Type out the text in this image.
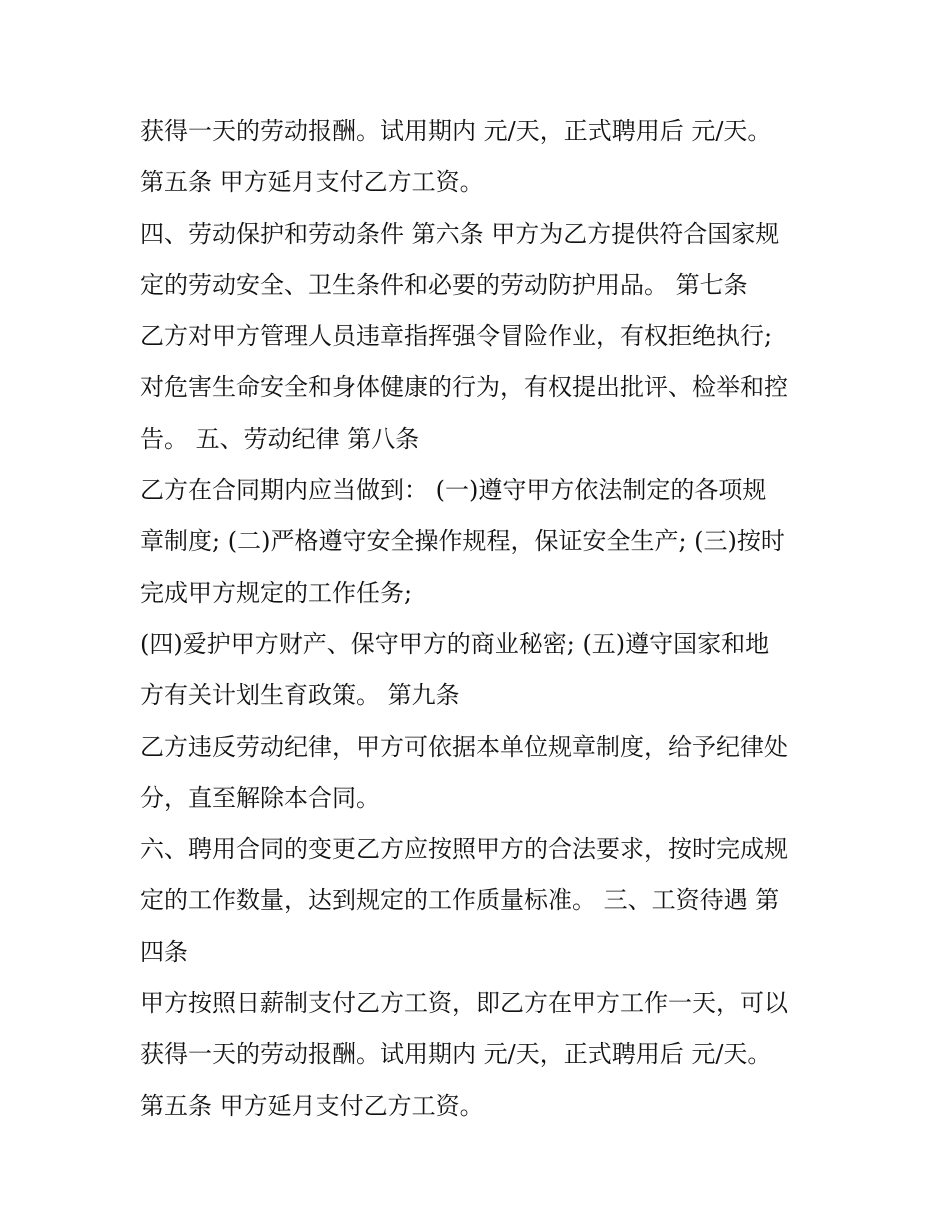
获得一天的劳动报酬。试用期内 元/天，正式聘用后 元/天。
第五条 甲方延月支付乙方工资。
四、劳动保护和劳动条件 第六条 甲方为乙方提供符合国家规
定的劳动安全、卫生条件和必要的劳动防护用品。 第七条
乙方对甲方管理人员违章指挥强令冒险作业，有权拒绝执行;
对危害生命安全和身体健康的行为，有权提出批评、检举和控
告。 五、劳动纪律 第八条
乙方在合同期内应当做到： (一)遵守甲方依法制定的各项规
章制度; (二)严格遵守安全操作规程，保证安全生产; (三)按时
完成甲方规定的工作任务;
(四)爱护甲方财产、保守甲方的商业秘密; (五)遵守国家和地
方有关计划生育政策。 第九条
乙方违反劳动纪律，甲方可依据本单位规章制度，给予纪律处
分，直至解除本合同。
六、聘用合同的变更乙方应按照甲方的合法要求，按时完成规
定的工作数量，达到规定的工作质量标准。 三、工资待遇 第
四条
甲方按照日薪制支付乙方工资，即乙方在甲方工作一天，可以
获得一天的劳动报酬。试用期内 元/天，正式聘用后 元/天。
第五条 甲方延月支付乙方工资。
